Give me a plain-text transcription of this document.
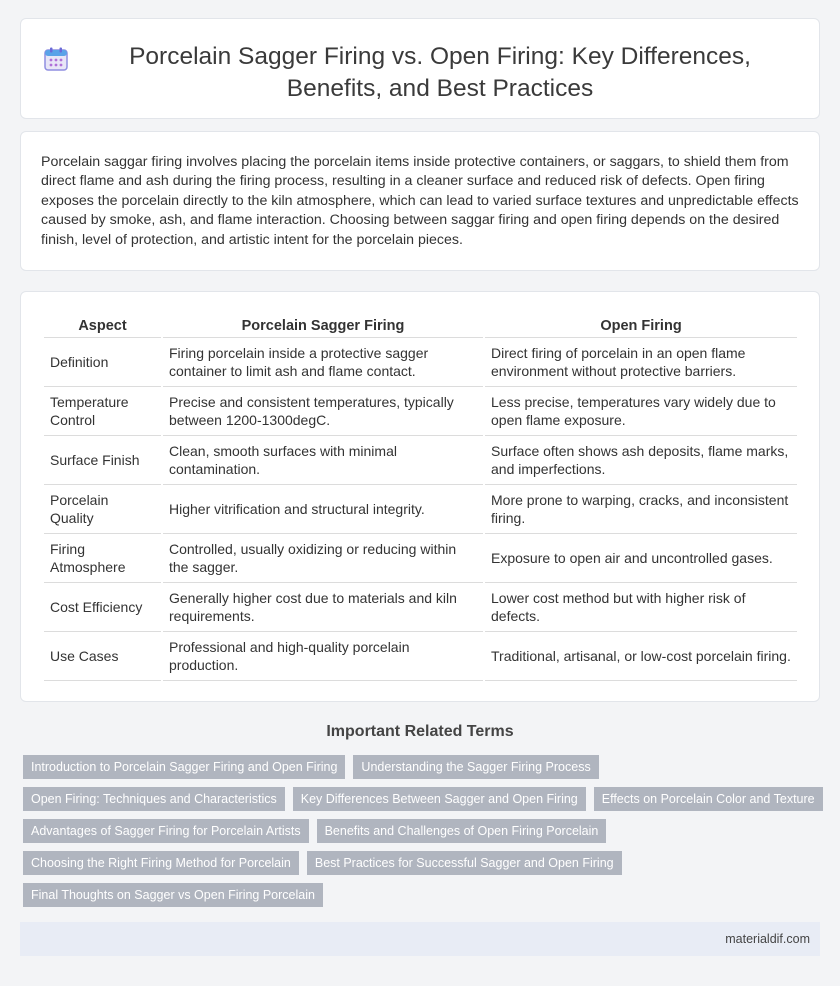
Porcelain Sagger Firing vs. Open Firing: Key Differences, Benefits, and Best Practices

Porcelain saggar firing involves placing the porcelain items inside protective containers, or saggars, to shield them from direct flame and ash during the firing process, resulting in a cleaner surface and reduced risk of defects. Open firing exposes the porcelain directly to the kiln atmosphere, which can lead to varied surface textures and unpredictable effects caused by smoke, ash, and flame interaction. Choosing between saggar firing and open firing depends on the desired finish, level of protection, and artistic intent for the porcelain pieces.

Aspect	Porcelain Sagger Firing	Open Firing
Definition	Firing porcelain inside a protective sagger container to limit ash and flame contact.	Direct firing of porcelain in an open flame environment without protective barriers.
Temperature Control	Precise and consistent temperatures, typically between 1200-1300degC.	Less precise, temperatures vary widely due to open flame exposure.
Surface Finish	Clean, smooth surfaces with minimal contamination.	Surface often shows ash deposits, flame marks, and imperfections.
Porcelain Quality	Higher vitrification and structural integrity.	More prone to warping, cracks, and inconsistent firing.
Firing Atmosphere	Controlled, usually oxidizing or reducing within the sagger.	Exposure to open air and uncontrolled gases.
Cost Efficiency	Generally higher cost due to materials and kiln requirements.	Lower cost method but with higher risk of defects.
Use Cases	Professional and high-quality porcelain production.	Traditional, artisanal, or low-cost porcelain firing.
Important Related Terms
Introduction to Porcelain Sagger Firing and Open Firing	Understanding the Sagger Firing Process
Open Firing: Techniques and Characteristics	Key Differences Between Sagger and Open Firing	Effects on Porcelain Color and Texture
Advantages of Sagger Firing for Porcelain Artists	Benefits and Challenges of Open Firing Porcelain
Choosing the Right Firing Method for Porcelain	Best Practices for Successful Sagger and Open Firing
Final Thoughts on Sagger vs Open Firing Porcelain
materialdif.com
